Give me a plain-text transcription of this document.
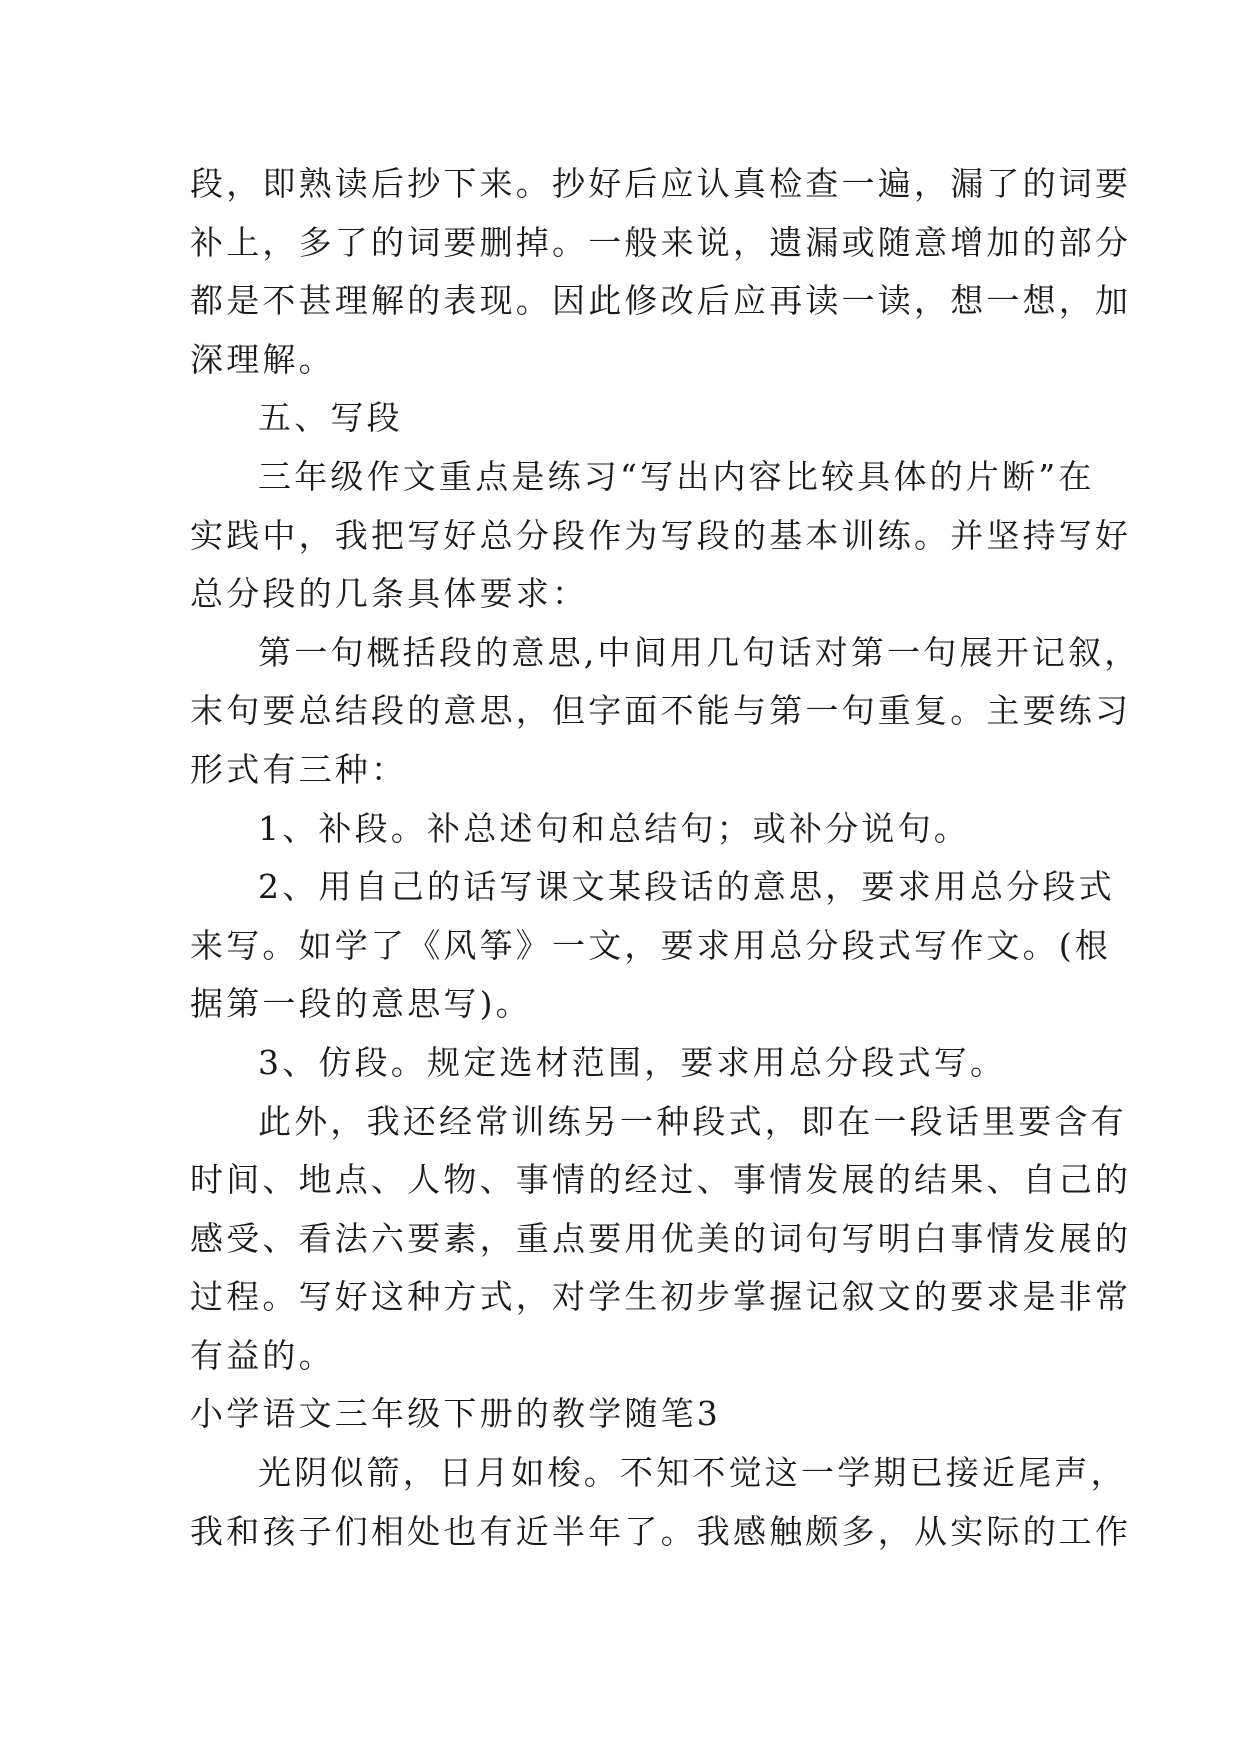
段，即熟读后抄下来。抄好后应认真检查一遍，漏了的词要
补上，多了的词要删掉。一般来说，遗漏或随意增加的部分
都是不甚理解的表现。因此修改后应再读一读，想一想，加
深理解。
五、写段
三年级作文重点是练习“写出内容比较具体的片断”在
实践中，我把写好总分段作为写段的基本训练。并坚持写好
总分段的几条具体要求：
第一句概括段的意思,中间用几句话对第一句展开记叙，
末句要总结段的意思，但字面不能与第一句重复。主要练习
形式有三种：
1、补段。补总述句和总结句；或补分说句。
2、用自己的话写课文某段话的意思，要求用总分段式
来写。如学了《风筝》一文，要求用总分段式写作文。(根
据第一段的意思写)。
3、仿段。规定选材范围，要求用总分段式写。
此外，我还经常训练另一种段式，即在一段话里要含有
时间、地点、人物、事情的经过、事情发展的结果、自己的
感受、看法六要素，重点要用优美的词句写明白事情发展的
过程。写好这种方式，对学生初步掌握记叙文的要求是非常
有益的。
小学语文三年级下册的教学随笔3
光阴似箭，日月如梭。不知不觉这一学期已接近尾声，
我和孩子们相处也有近半年了。我感触颇多，从实际的工作
